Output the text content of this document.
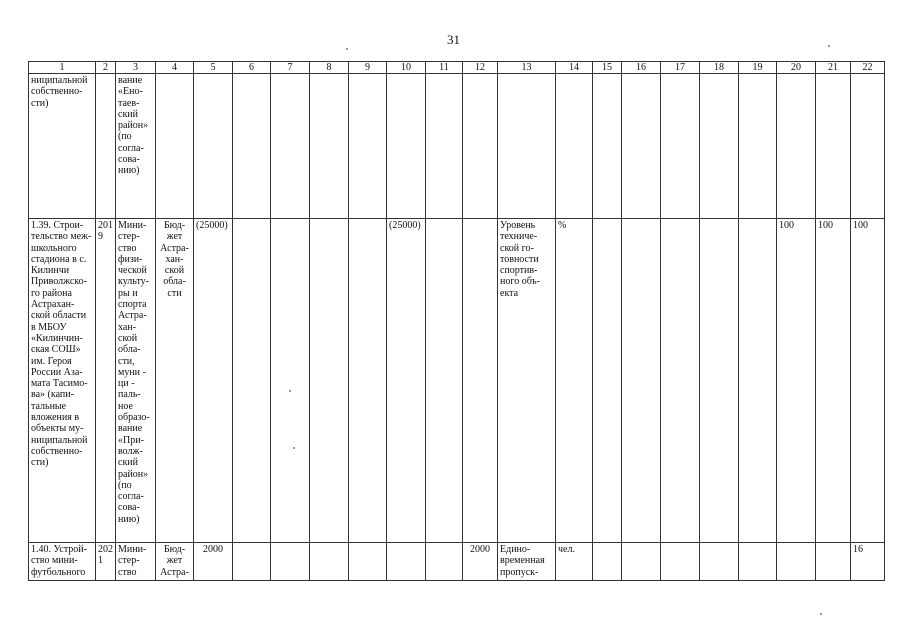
31
1	2	3	4	5	6	7	8	9	10	11	12	13	14	15	16	17	18	19	20	21	22
ниципальной собственно-сти)		вание «Ено-таев-ский район» (по согла-сова-нию)																			
1.39. Строи-тельство меж-школьного стадиона в с. Килинчи Приволжско-го района Астрахан-ской области в МБОУ «Килинчин-ская СОШ» им. Героя России Аза-мата Тасимо-ва» (капи-тальные вложения в объекты му-ниципальной собственно-сти)	2019	Мини-стер-ство физи-ческой культу-ры и спорта Астра-хан-ской обла-сти, муни - ци - паль-ное образо-вание «При-волж-ский район» (по согла-сова-нию)	Бюд-жет Астра-хан-ской обла-сти	(25000)					(25000)			Уровень техниче-ской го-товности спортив-ного объ-екта	%						100	100	100
1.40. Устрой-ство мини-футбольного	2021	Мини-стер-ство	Бюд-жет Астра-	2000							2000	Едино-временная пропуск-	чел.								16
